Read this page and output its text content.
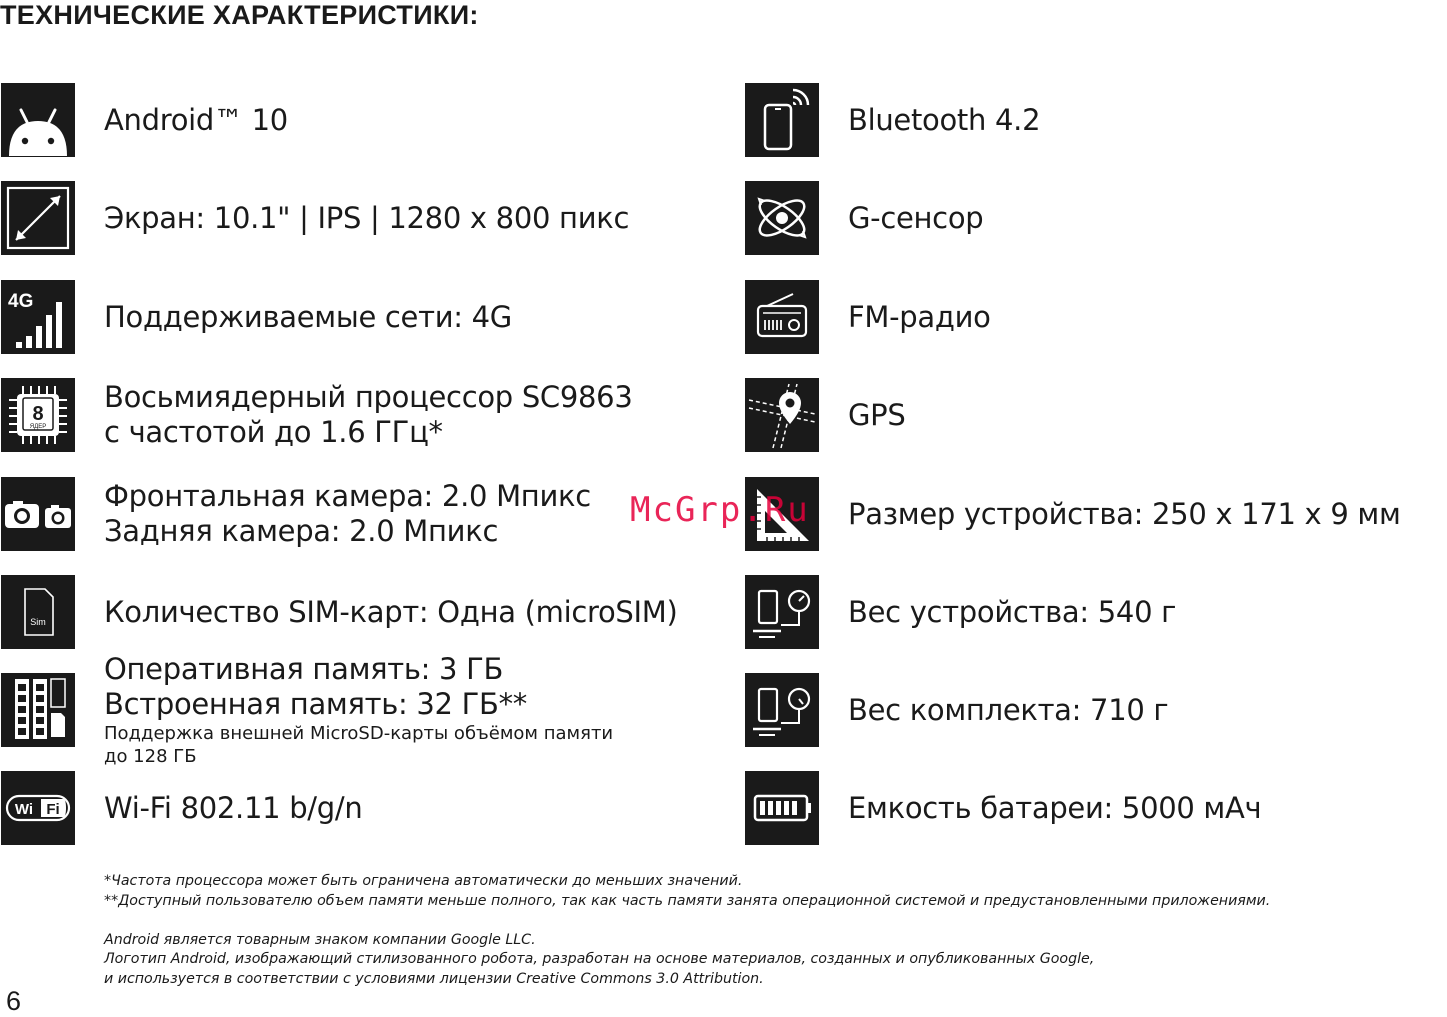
ТЕХНИЧЕСКИЕ ХАРАКТЕРИСТИКИ:
Android™ 10
Экран: 10.1" | IPS | 1280 x 800 пикс
4G Поддерживаемые сети: 4G
8
ЯДЕР
Восьмиядерный процессор SC9863
с частотой до 1.6 ГГц*
Фронтальная камера: 2.0 Мпикс
Задняя камера: 2.0 Мпикс
Sim Количество SIM-карт: Одна (microSIM)
Оперативная память: 3 ГБ
Встроенная память: 32 ГБ**
Поддержка внешней MicroSD-карты объёмом памяти
до 128 ГБ
Wi Fi Wi-Fi 802.11 b/g/n
Bluetooth 4.2
G-сенсор
FM-радио
GPS
Размер устройства: 250 x 171 x 9 мм
Вес устройства: 540 г
Вес комплекта: 710 г
Емкость батареи: 5000 мАч
McGrp.Ru
*Частота процессора может быть ограничена автоматически до меньших значений.
**Доступный пользователю объем памяти меньше полного, так как часть памяти занята операционной системой и предустановленными приложениями.
Android является товарным знаком компании Google LLC.
Логотип Android, изображающий стилизованного робота, разработан на основе материалов, созданных и опубликованных Google,
и используется в соответствии с условиями лицензии Creative Commons 3.0 Attribution.
6
